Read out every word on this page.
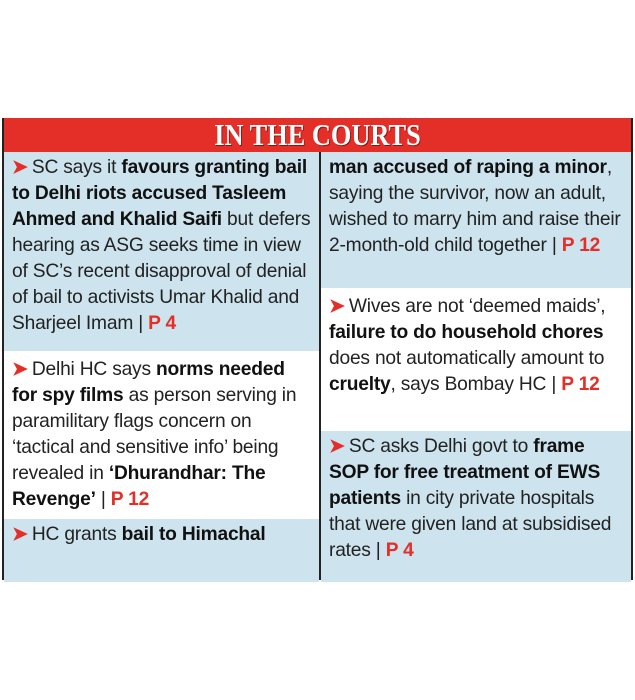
IN THE COURTS
➤ SC says it favours granting bail to Delhi riots accused Tasleem Ahmed and Khalid Saifi but defers hearing as ASG seeks time in view of SC’s recent disapproval of denial of bail to activists Umar Khalid and Sharjeel Imam | P 4
➤ Delhi HC says norms needed for spy films as person serving in paramilitary flags concern on ‘tactical and sensitive info’ being revealed in ‘Dhurandhar: The Revenge’ | P 12
➤ HC grants bail to Himachal
man accused of raping a minor, saying the survivor, now an adult, wished to marry him and raise their 2-month-old child together | P 12
➤ Wives are not ‘deemed maids’, failure to do household chores does not automatically amount to cruelty, says Bombay HC | P 12
➤ SC asks Delhi govt to frame SOP for free treatment of EWS patients in city private hospitals that were given land at subsidised rates | P 4
